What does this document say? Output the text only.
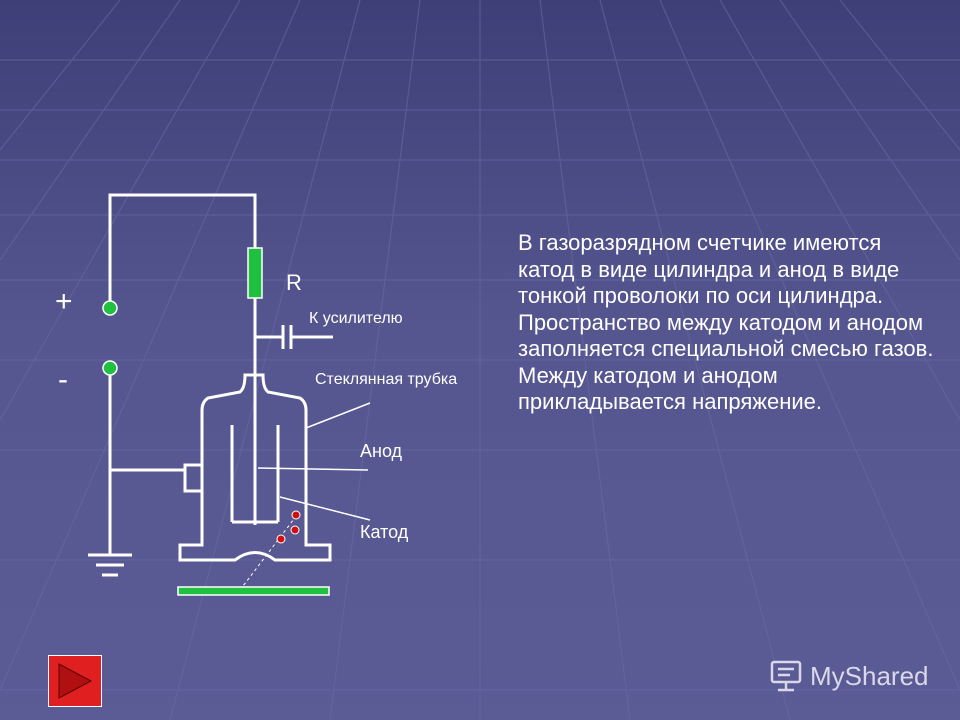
+
-
R
К усилителю
Стеклянная трубка
Анод
Катод
В газоразрядном счетчике имеются катод в виде цилиндра и анод в виде тонкой проволоки по оси цилиндра. Пространство между катодом и анодом заполняется специальной смесью газов. Между катодом и анодом прикладывается напряжение.
MyShared
